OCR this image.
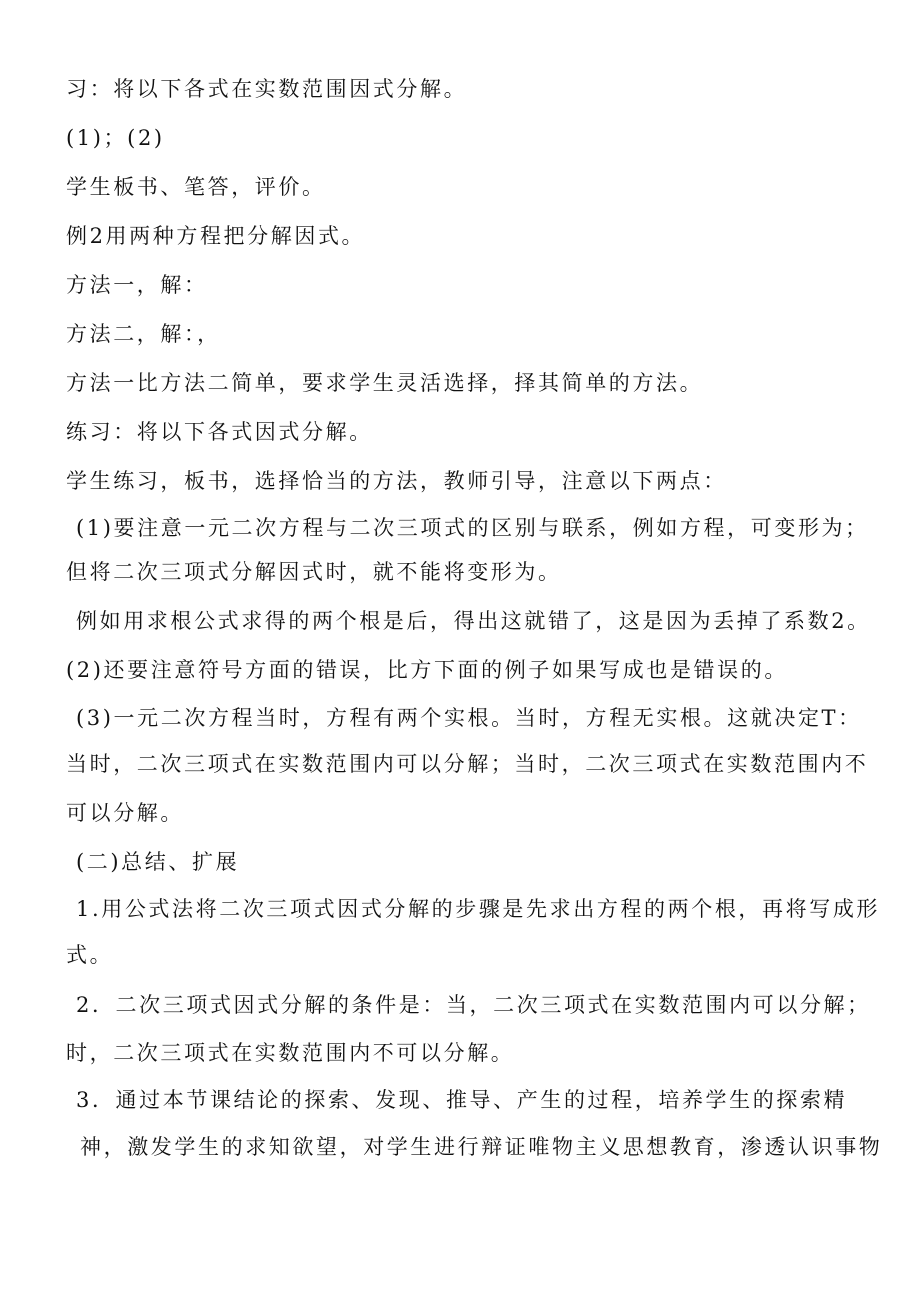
习：将以下各式在实数范围因式分解。
(1)；(2)
学生板书、笔答，评价。
例2用两种方程把分解因式。
方法一，解：
方法二，解：，
方法一比方法二简单，要求学生灵活选择，择其简单的方法。
练习：将以下各式因式分解。
学生练习，板书，选择恰当的方法，教师引导，注意以下两点：
(1)要注意一元二次方程与二次三项式的区别与联系，例如方程，可变形为；
但将二次三项式分解因式时，就不能将变形为。
例如用求根公式求得的两个根是后，得出这就错了，这是因为丢掉了系数2。
(2)还要注意符号方面的错误，比方下面的例子如果写成也是错误的。
(3)一元二次方程当时，方程有两个实根。当时，方程无实根。这就决定T：
当时，二次三项式在实数范围内可以分解；当时，二次三项式在实数范围内不
可以分解。
(二)总结、扩展
1.用公式法将二次三项式因式分解的步骤是先求出方程的两个根，再将写成形
式。
2．二次三项式因式分解的条件是：当，二次三项式在实数范围内可以分解；
时，二次三项式在实数范围内不可以分解。
3．通过本节课结论的探索、发现、推导、产生的过程，培养学生的探索精
神，激发学生的求知欲望，对学生进行辩证唯物主义思想教育，渗透认识事物
